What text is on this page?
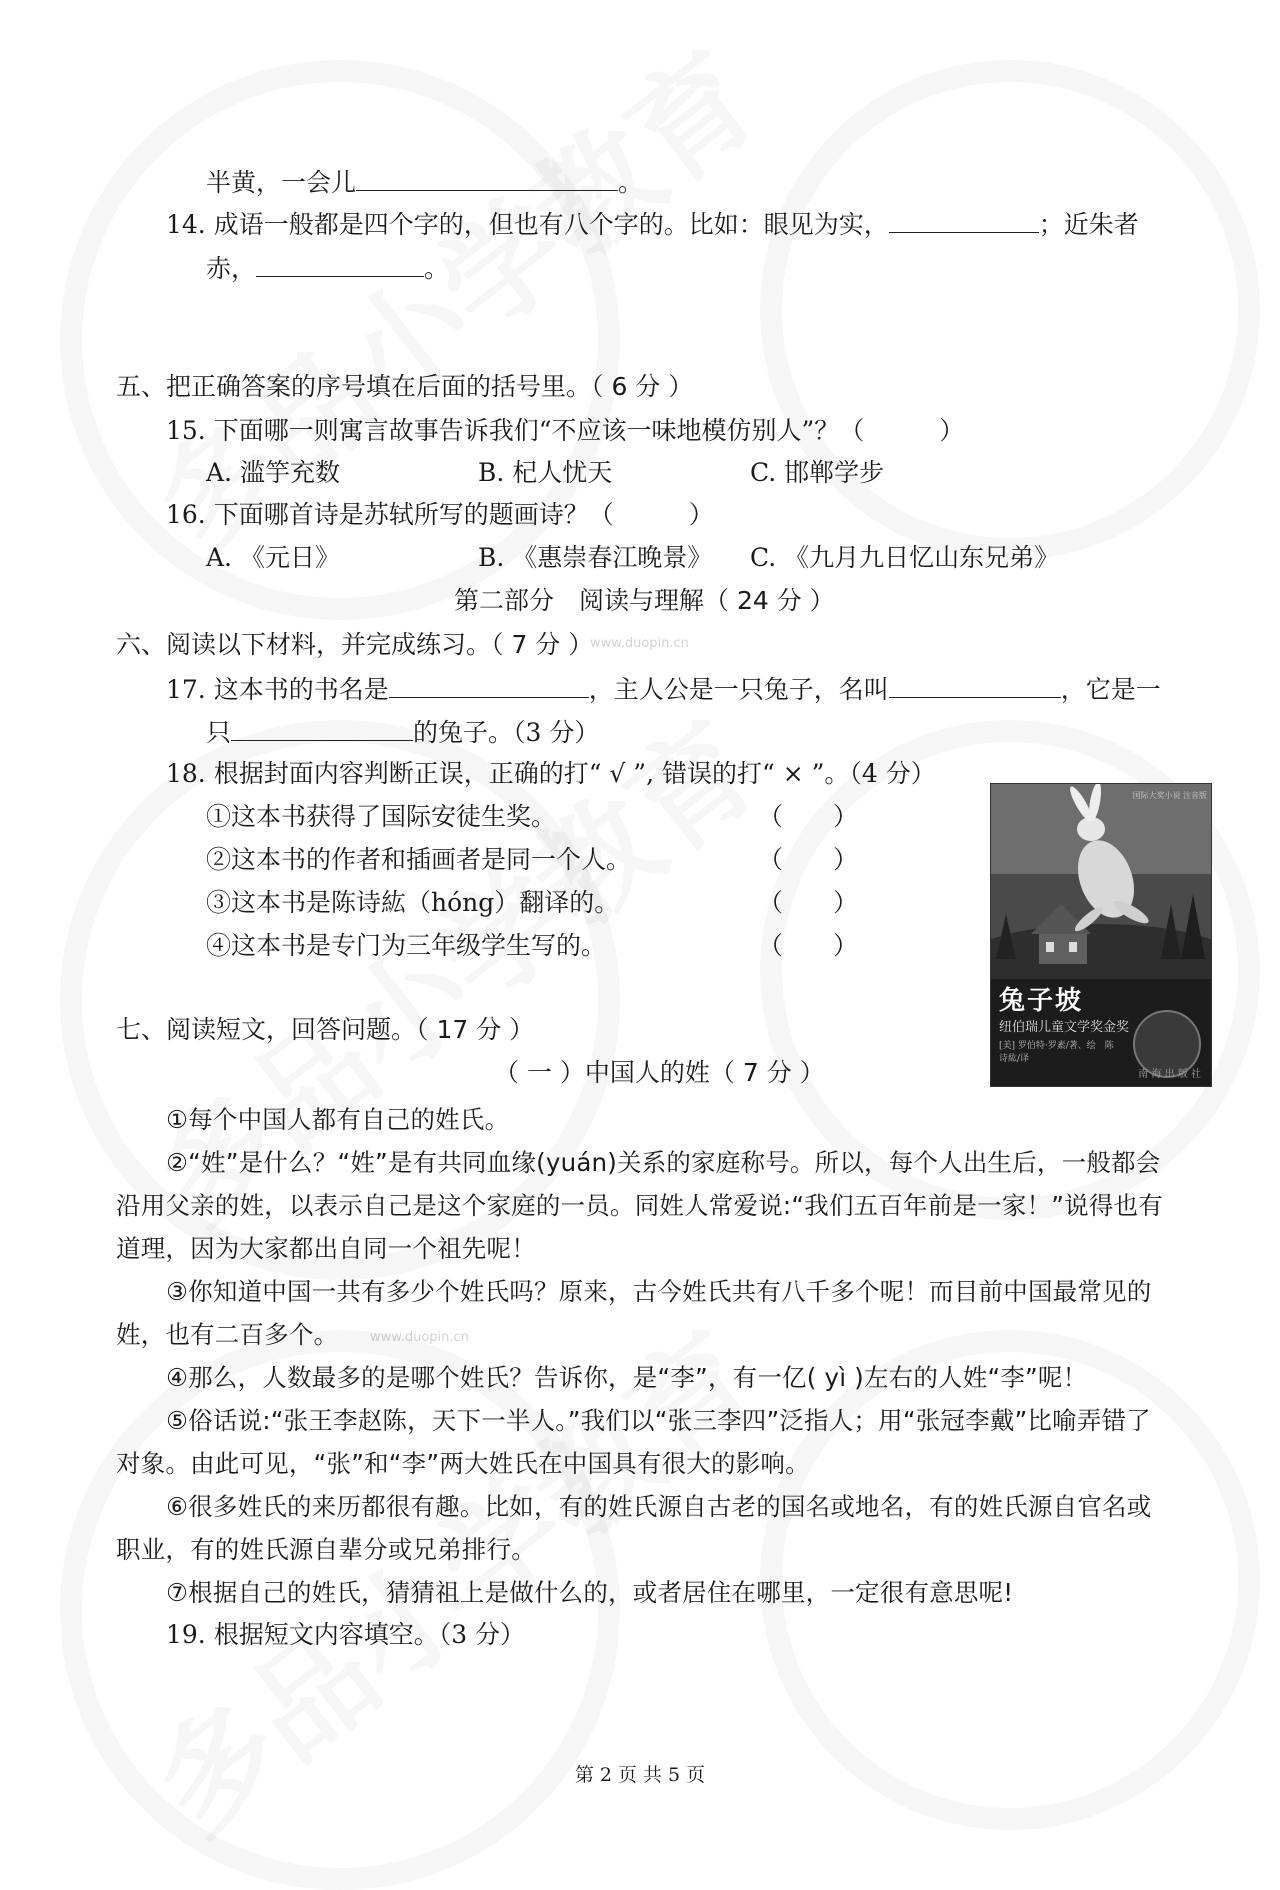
www.duopin.cn
www.duopin.cn
半黄，一会儿	。
14. 成语一般都是四个字的，但也有八个字的。比如：眼见为实，	；近朱者
赤，	。
五、把正确答案的序号填在后面的括号里。（ 6 分 ）
15. 下面哪一则寓言故事告诉我们“不应该一味地模仿别人”？（　　　）
A. 滥竽充数	B. 杞人忧天	C. 邯郸学步
16. 下面哪首诗是苏轼所写的题画诗？（　　　）
A. 《元日》	B. 《惠崇春江晚景》 C. 《九月九日忆山东兄弟》
第二部分　阅读与理解（ 24 分 ）
六、阅读以下材料，并完成练习。（ 7 分 ）
17. 这本书的书名是	，主人公是一只兔子，名叫	，它是一
只	的兔子。（3 分）
18. 根据封面内容判断正误，正确的打“ √ ”, 错误的打“ × ”。（4 分）
①这本书获得了国际安徒生奖。	（　　）
②这本书的作者和插画者是同一个人。	（　　）
③这本书是陈诗紘（hóng）翻译的。	（　　）
④这本书是专门为三年级学生写的。	（　　）
国际大奖小说 注音版
兔子坡
纽伯瑞儿童文学奖金奖
[美] 罗伯特·罗素/著、绘　陈诗紘/译
南 海 出 版 社
七、阅读短文，回答问题。（ 17 分 ）
（ 一 ）中国人的姓（ 7 分 ）
①每个中国人都有自己的姓氏。
②“姓”是什么？“姓”是有共同血缘(yuán)关系的家庭称号。所以，每个人出生后，一般都会沿用父亲的姓，以表示自己是这个家庭的一员。同姓人常爱说:“我们五百年前是一家！”说得也有道理，因为大家都出自同一个祖先呢！
③你知道中国一共有多少个姓氏吗？原来，古今姓氏共有八千多个呢！而目前中国最常见的姓，也有二百多个。
④那么，人数最多的是哪个姓氏？告诉你，是“李”，有一亿( yì )左右的人姓“李”呢！
⑤俗话说:“张王李赵陈，天下一半人。”我们以“张三李四”泛指人；用“张冠李戴”比喻弄错了对象。由此可见，“张”和“李”两大姓氏在中国具有很大的影响。
⑥很多姓氏的来历都很有趣。比如，有的姓氏源自古老的国名或地名，有的姓氏源自官名或职业，有的姓氏源自辈分或兄弟排行。
⑦根据自己的姓氏，猜猜祖上是做什么的，或者居住在哪里，一定很有意思呢!
19. 根据短文内容填空。（3 分）
第 2 页 共 5 页
